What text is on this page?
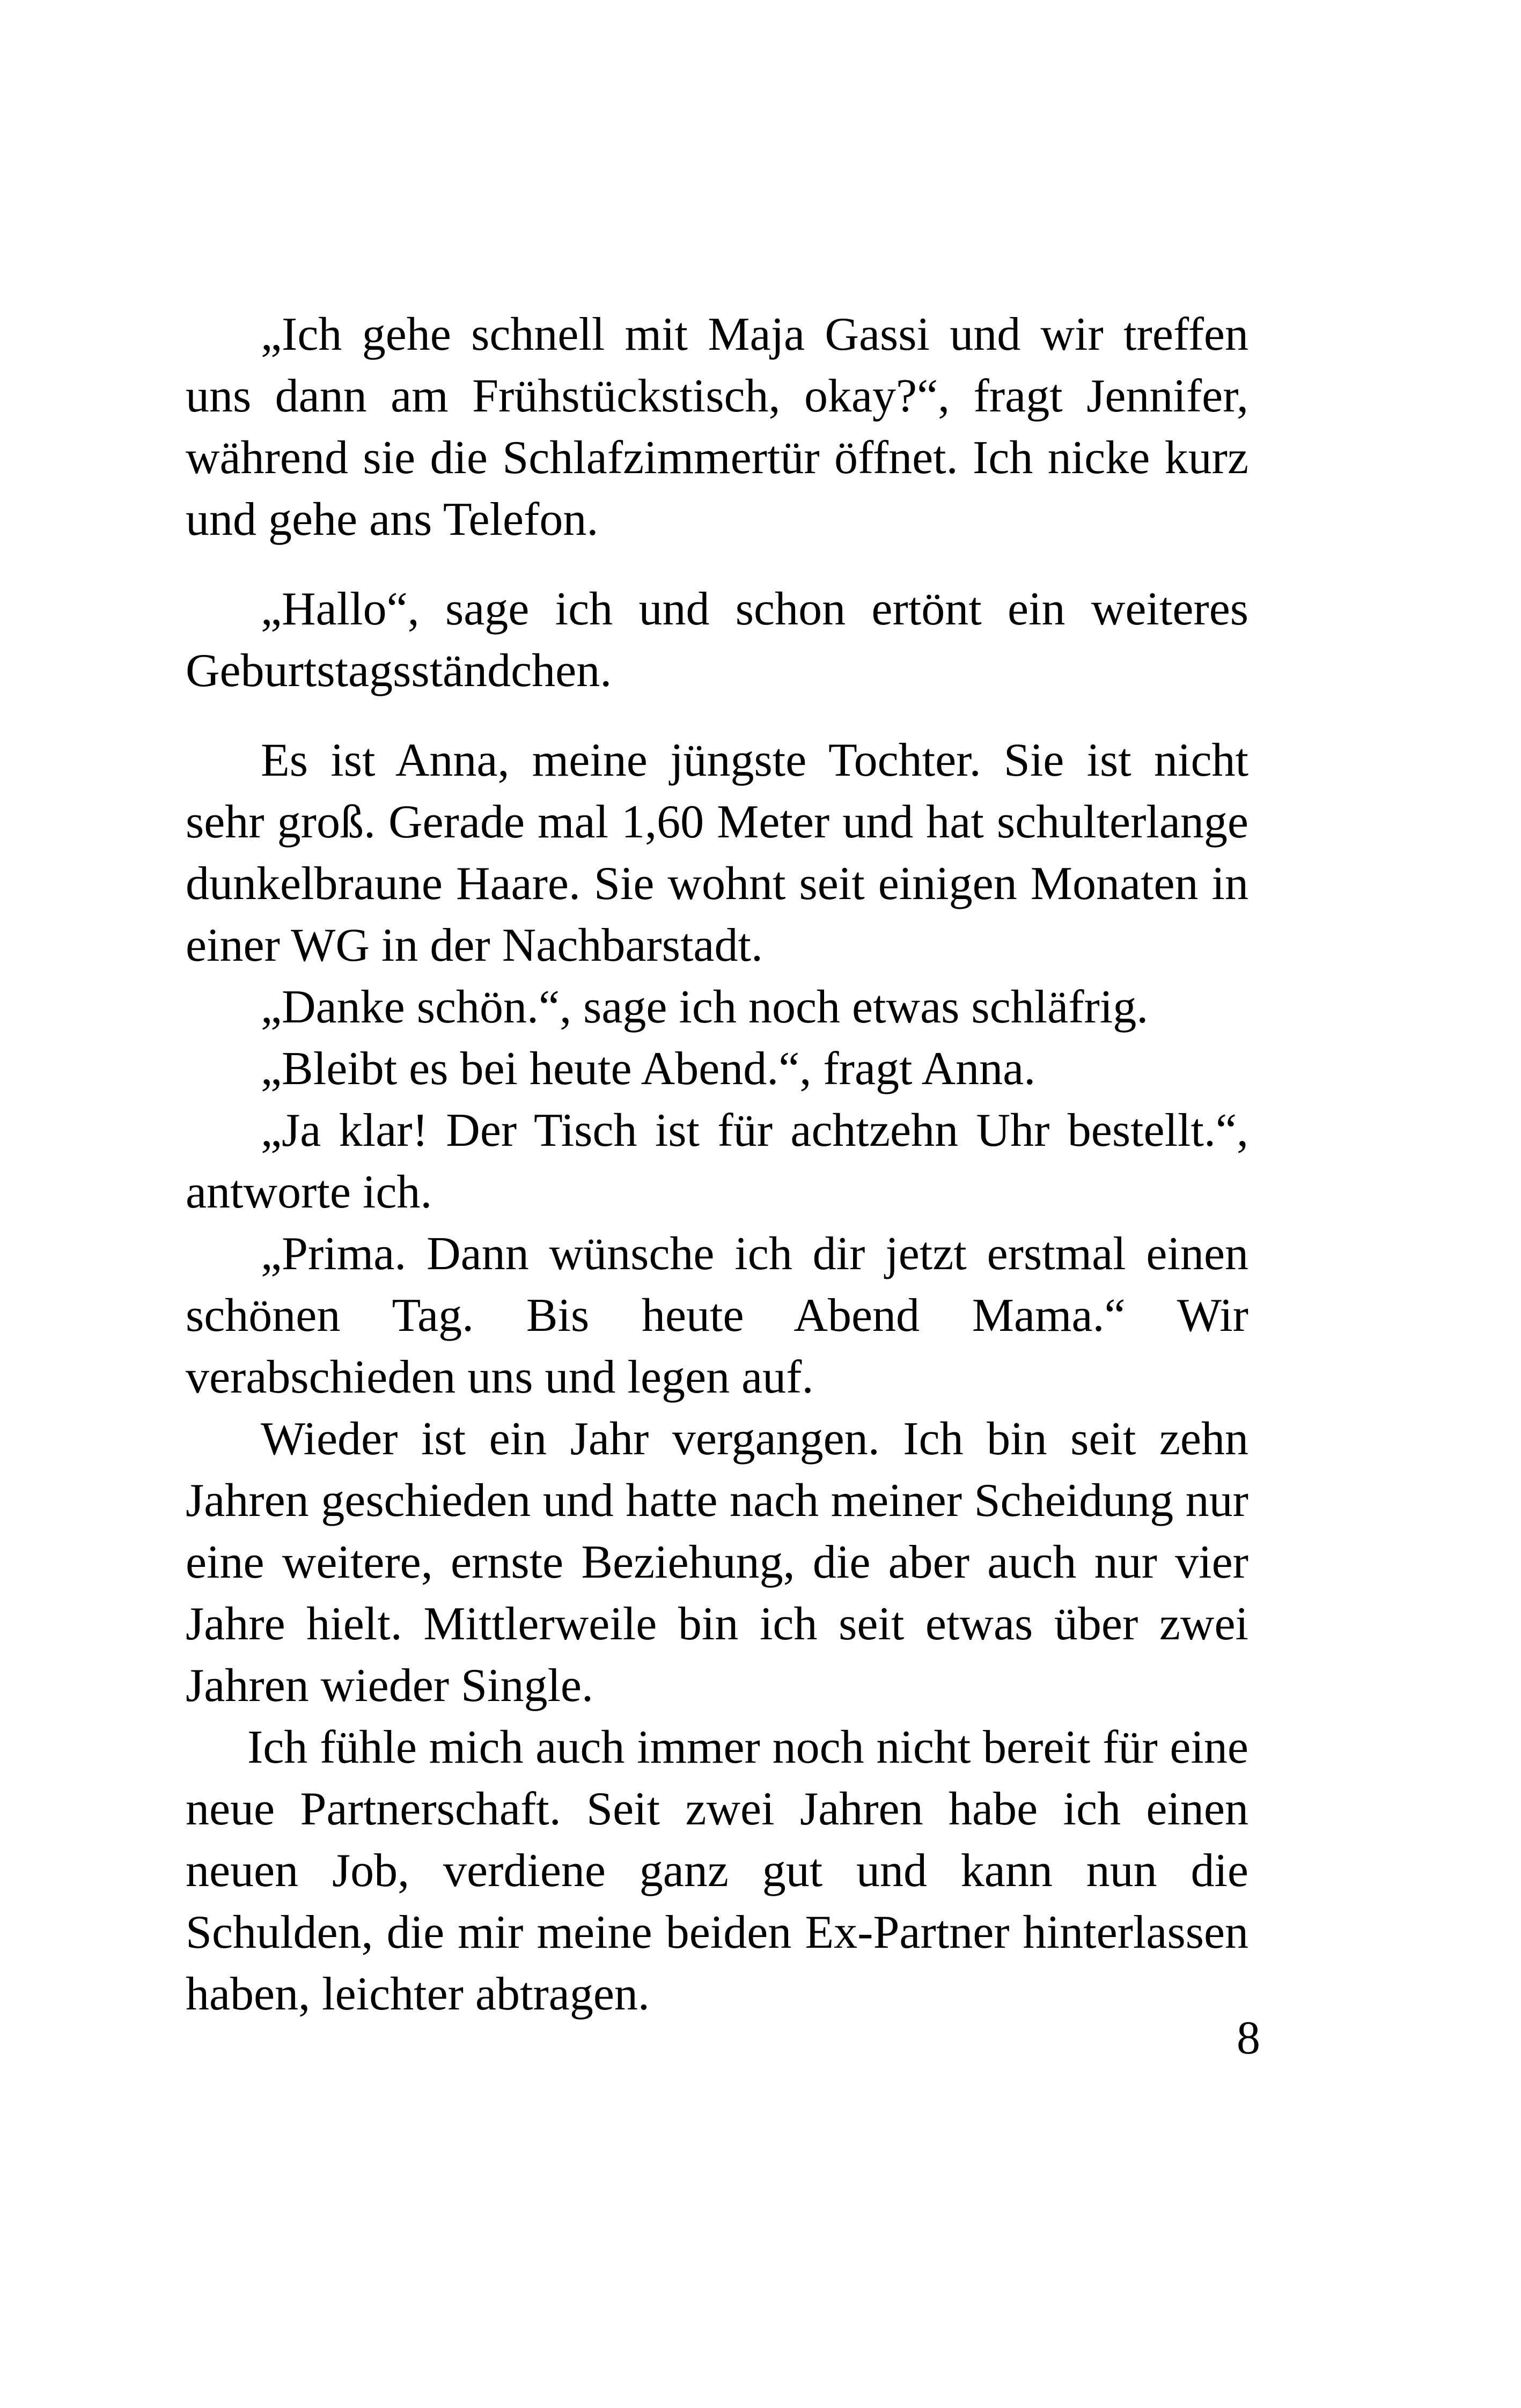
„Ich gehe schnell mit Maja Gassi und wir treffen uns dann am Frühstückstisch, okay?“, fragt Jennifer, während sie die Schlafzimmertür öffnet. Ich nicke kurz und gehe ans Telefon.

„Hallo“, sage ich und schon ertönt ein weiteres Geburtstagsständchen.

Es ist Anna, meine jüngste Tochter. Sie ist nicht sehr groß. Gerade mal 1,60 Meter und hat schulterlange dunkelbraune Haare. Sie wohnt seit einigen Monaten in einer WG in der Nachbarstadt.

„Danke schön.“, sage ich noch etwas schläfrig.

„Bleibt es bei heute Abend.“, fragt Anna.

„Ja klar! Der Tisch ist für achtzehn Uhr bestellt.“, antworte ich.

„Prima. Dann wünsche ich dir jetzt erstmal einen schönen Tag. Bis heute Abend Mama.“ Wir verabschieden uns und legen auf.

Wieder ist ein Jahr vergangen. Ich bin seit zehn Jahren geschieden und hatte nach meiner Scheidung nur eine weitere, ernste Beziehung, die aber auch nur vier Jahre hielt. Mittlerweile bin ich seit etwas über zwei Jahren wieder Single.

Ich fühle mich auch immer noch nicht bereit für eine neue Partnerschaft. Seit zwei Jahren habe ich einen neuen Job, verdiene ganz gut und kann nun die Schulden, die mir meine beiden Ex-Partner hinterlassen haben, leichter abtragen.

8
